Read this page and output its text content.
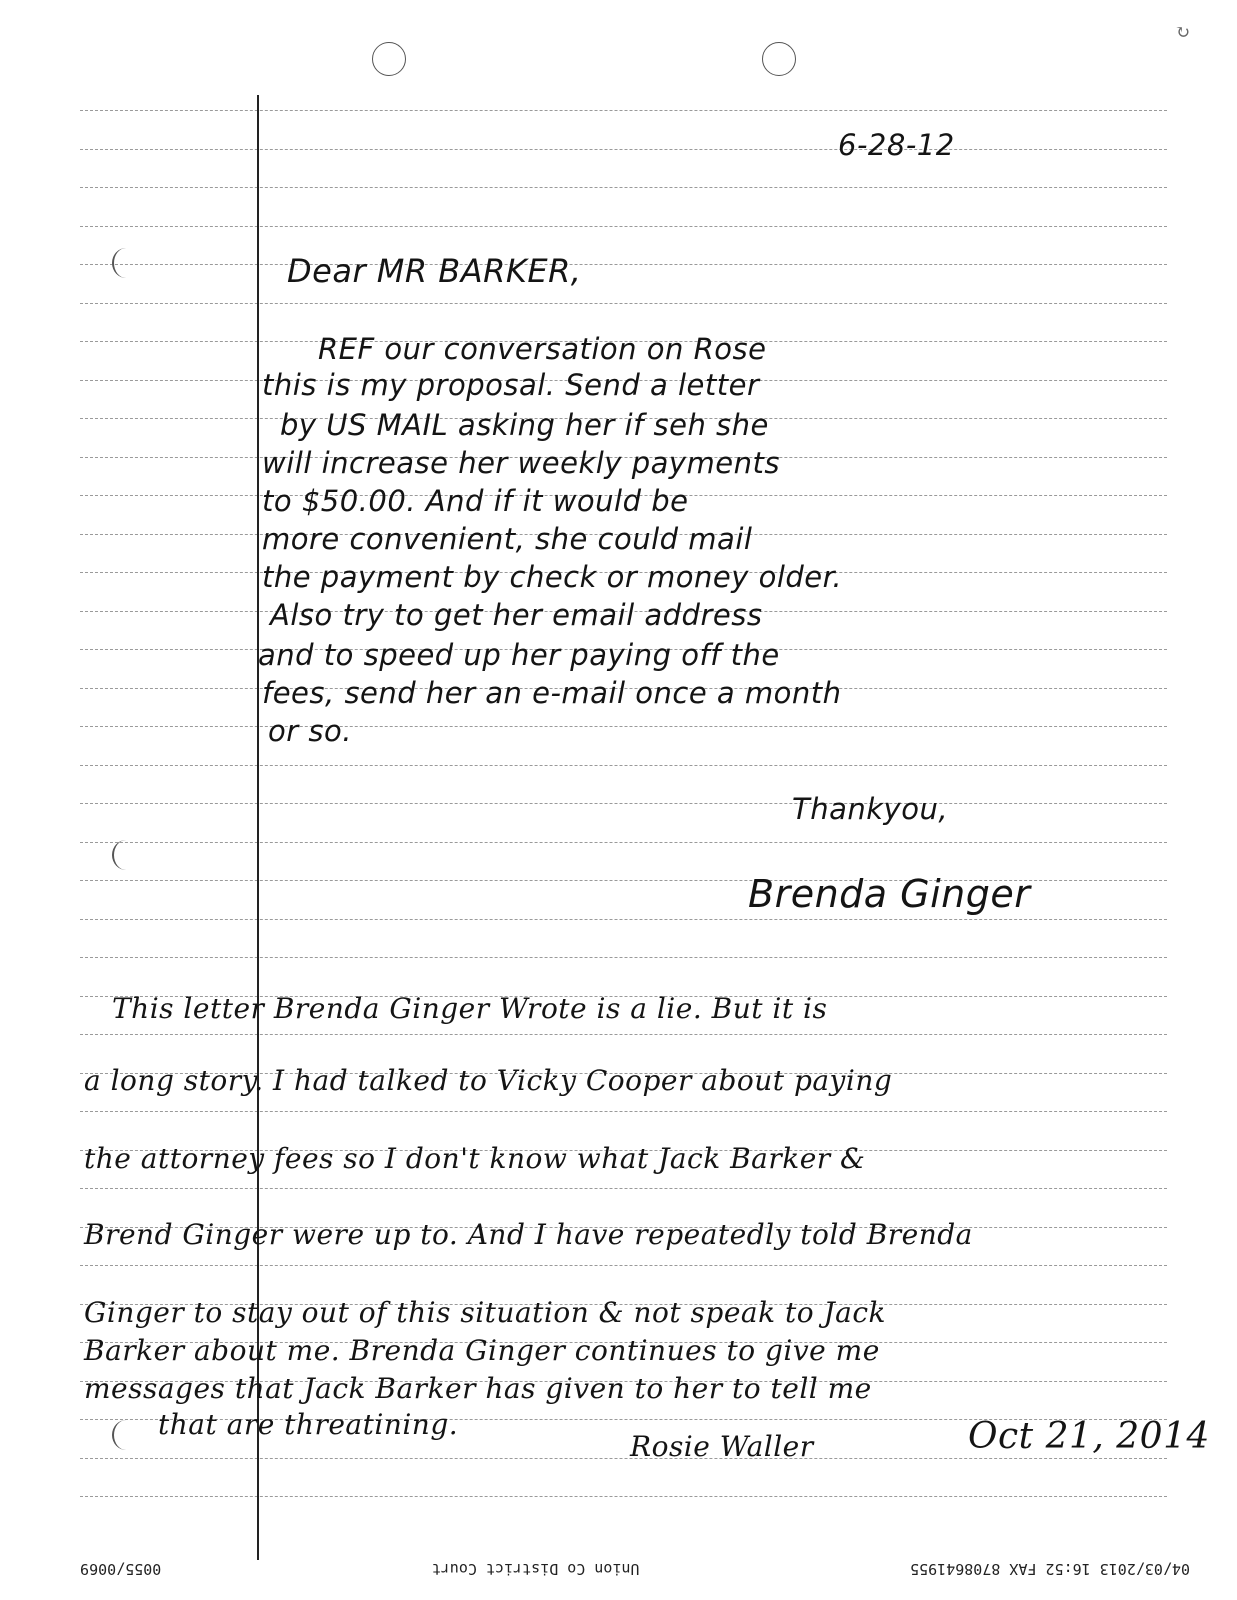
6-28-12
Dear MR BARKER,
REF our conversation on Rose
this is my proposal. Send a letter
by US MAIL asking her if seh she
will increase her weekly payments
to $50.00. And if it would be
more convenient, she could mail
the payment by check or money older.
Also try to get her email address
and to speed up her paying off the
fees, send her an e-mail once a month
or so.
Thankyou,
Brenda Ginger
This letter Brenda Ginger Wrote is a lie. But it is
a long story. I had talked to Vicky Cooper about paying
the attorney fees so I don't know what Jack Barker &
Brend Ginger were up to. And I have repeatedly told Brenda
Ginger to stay out of this situation & not speak to Jack
Barker about me. Brenda Ginger continues to give me
messages that Jack Barker has given to her to tell me
that are threatining.
Rosie Waller	Oct 21, 2014
04/03/2013 16:52 FAX 8708641955
Union Co District Court
0055/0069
↻
